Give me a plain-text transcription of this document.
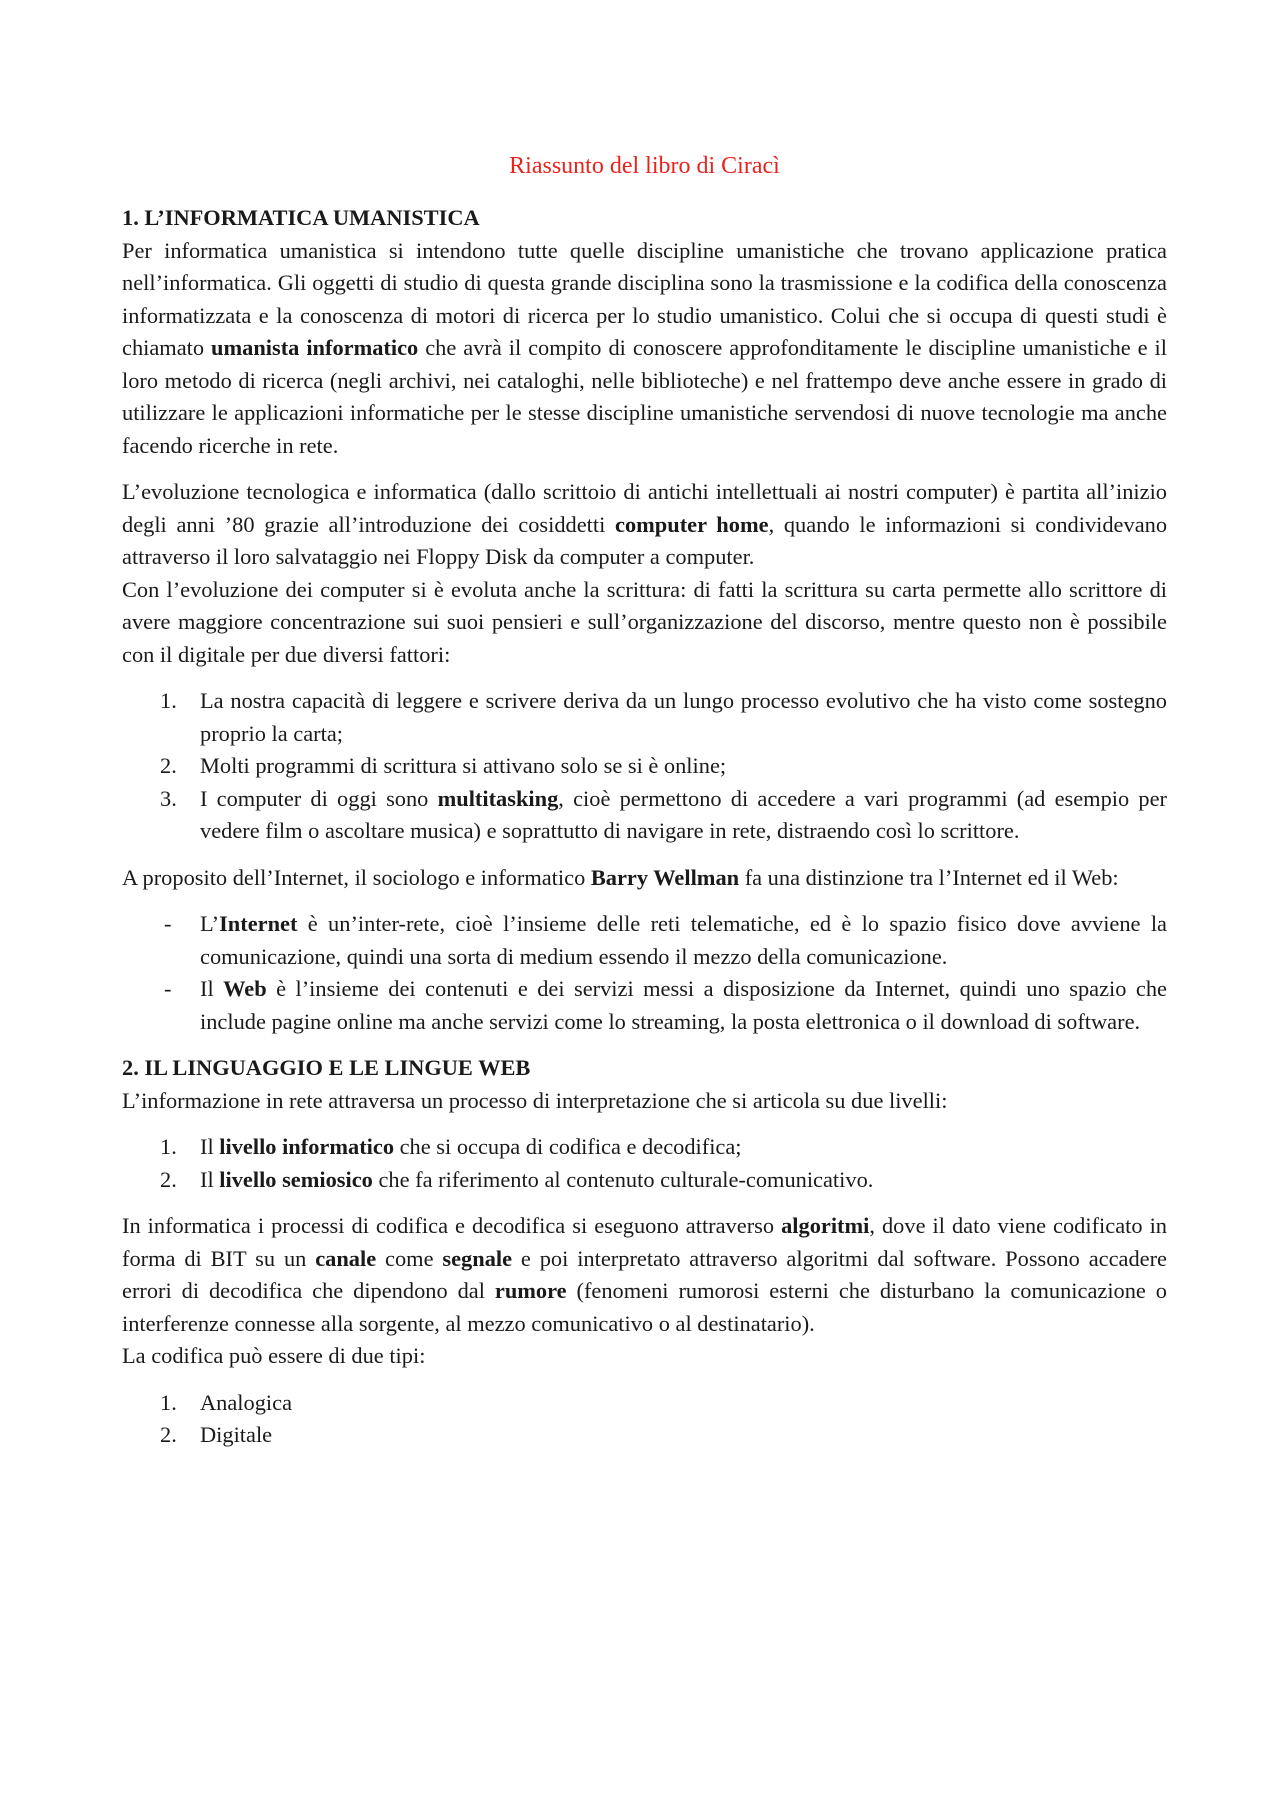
Riassunto del libro di Ciracì
1. L’INFORMATICA UMANISTICA

Per informatica umanistica si intendono tutte quelle discipline umanistiche che trovano applicazione pratica nell’informatica. Gli oggetti di studio di questa grande disciplina sono la trasmissione e la codifica della conoscenza informatizzata e la conoscenza di motori di ricerca per lo studio umanistico. Colui che si occupa di questi studi è chiamato umanista informatico che avrà il compito di conoscere approfonditamente le discipline umanistiche e il loro metodo di ricerca (negli archivi, nei cataloghi, nelle biblioteche) e nel frattempo deve anche essere in grado di utilizzare le applicazioni informatiche per le stesse discipline umanistiche servendosi di nuove tecnologie ma anche facendo ricerche in rete.

L’evoluzione tecnologica e informatica (dallo scrittoio di antichi intellettuali ai nostri computer) è partita all’inizio degli anni ’80 grazie all’introduzione dei cosiddetti computer home, quando le informazioni si condividevano attraverso il loro salvataggio nei Floppy Disk da computer a computer.

Con l’evoluzione dei computer si è evoluta anche la scrittura: di fatti la scrittura su carta permette allo scrittore di avere maggiore concentrazione sui suoi pensieri e sull’organizzazione del discorso, mentre questo non è possibile con il digitale per due diversi fattori:

1. La nostra capacità di leggere e scrivere deriva da un lungo processo evolutivo che ha visto come sostegno proprio la carta;
2. Molti programmi di scrittura si attivano solo se si è online;
3. I computer di oggi sono multitasking, cioè permettono di accedere a vari programmi (ad esempio per vedere film o ascoltare musica) e soprattutto di navigare in rete, distraendo così lo scrittore.

A proposito dell’Internet, il sociologo e informatico Barry Wellman fa una distinzione tra l’Internet ed il Web:

- L’Internet è un’inter-rete, cioè l’insieme delle reti telematiche, ed è lo spazio fisico dove avviene la comunicazione, quindi una sorta di medium essendo il mezzo della comunicazione.
- Il Web è l’insieme dei contenuti e dei servizi messi a disposizione da Internet, quindi uno spazio che include pagine online ma anche servizi come lo streaming, la posta elettronica o il download di software.
2. IL LINGUAGGIO E LE LINGUE WEB

L’informazione in rete attraversa un processo di interpretazione che si articola su due livelli:

1. Il livello informatico che si occupa di codifica e decodifica;
2. Il livello semiosico che fa riferimento al contenuto culturale-comunicativo.

In informatica i processi di codifica e decodifica si eseguono attraverso algoritmi, dove il dato viene codificato in forma di BIT su un canale come segnale e poi interpretato attraverso algoritmi dal software. Possono accadere errori di decodifica che dipendono dal rumore (fenomeni rumorosi esterni che disturbano la comunicazione o interferenze connesse alla sorgente, al mezzo comunicativo o al destinatario).

La codifica può essere di due tipi:

1. Analogica
2. Digitale
